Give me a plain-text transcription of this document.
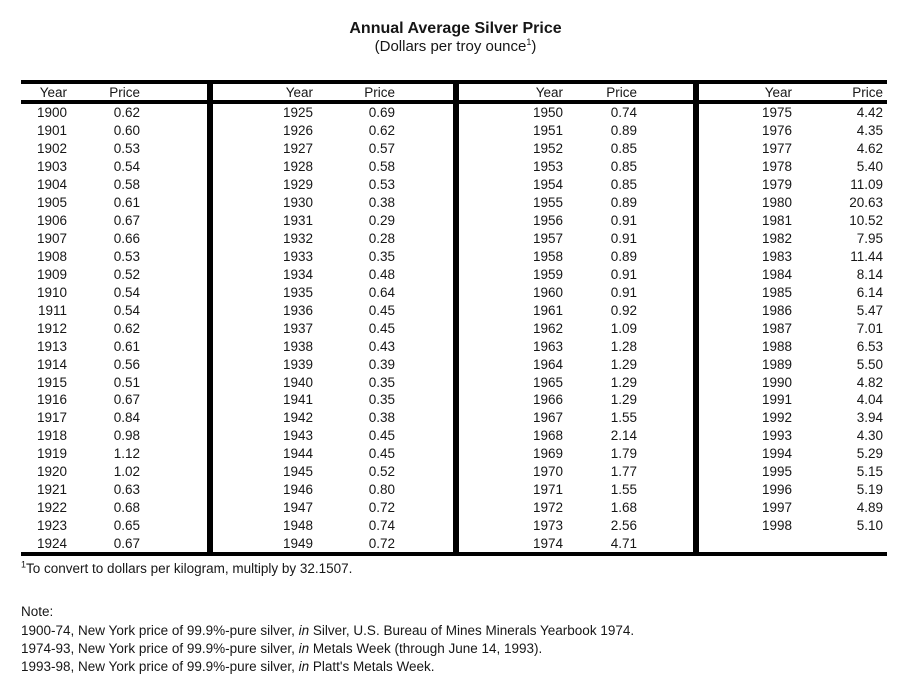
Annual Average Silver Price
(Dollars per troy ounce$^1$)
Year	Price
1900	0.62
1901	0.60
1902	0.53
1903	0.54
1904	0.58
1905	0.61
1906	0.67
1907	0.66
1908	0.53
1909	0.52
1910	0.54
1911	0.54
1912	0.62
1913	0.61
1914	0.56
1915	0.51
1916	0.67
1917	0.84
1918	0.98
1919	1.12
1920	1.02
1921	0.63
1922	0.68
1923	0.65
1924	0.67
Year	Price
1925	0.69
1926	0.62
1927	0.57
1928	0.58
1929	0.53
1930	0.38
1931	0.29
1932	0.28
1933	0.35
1934	0.48
1935	0.64
1936	0.45
1937	0.45
1938	0.43
1939	0.39
1940	0.35
1941	0.35
1942	0.38
1943	0.45
1944	0.45
1945	0.52
1946	0.80
1947	0.72
1948	0.74
1949	0.72
Year	Price
1950	0.74
1951	0.89
1952	0.85
1953	0.85
1954	0.85
1955	0.89
1956	0.91
1957	0.91
1958	0.89
1959	0.91
1960	0.91
1961	0.92
1962	1.09
1963	1.28
1964	1.29
1965	1.29
1966	1.29
1967	1.55
1968	2.14
1969	1.79
1970	1.77
1971	1.55
1972	1.68
1973	2.56
1974	4.71
Year	Price
1975	4.42
1976	4.35
1977	4.62
1978	5.40
1979	11.09
1980	20.63
1981	10.52
1982	7.95
1983	11.44
1984	8.14
1985	6.14
1986	5.47
1987	7.01
1988	6.53
1989	5.50
1990	4.82
1991	4.04
1992	3.94
1993	4.30
1994	5.29
1995	5.15
1996	5.19
1997	4.89
1998	5.10
$^1$To convert to dollars per kilogram, multiply by 32.1507.
Note:
1900-74, New York price of 99.9%-pure silver, in Silver, U.S. Bureau of Mines Minerals Yearbook 1974.
1974-93, New York price of 99.9%-pure silver, in Metals Week (through June 14, 1993).
1993-98, New York price of 99.9%-pure silver, in Platt's Metals Week.
